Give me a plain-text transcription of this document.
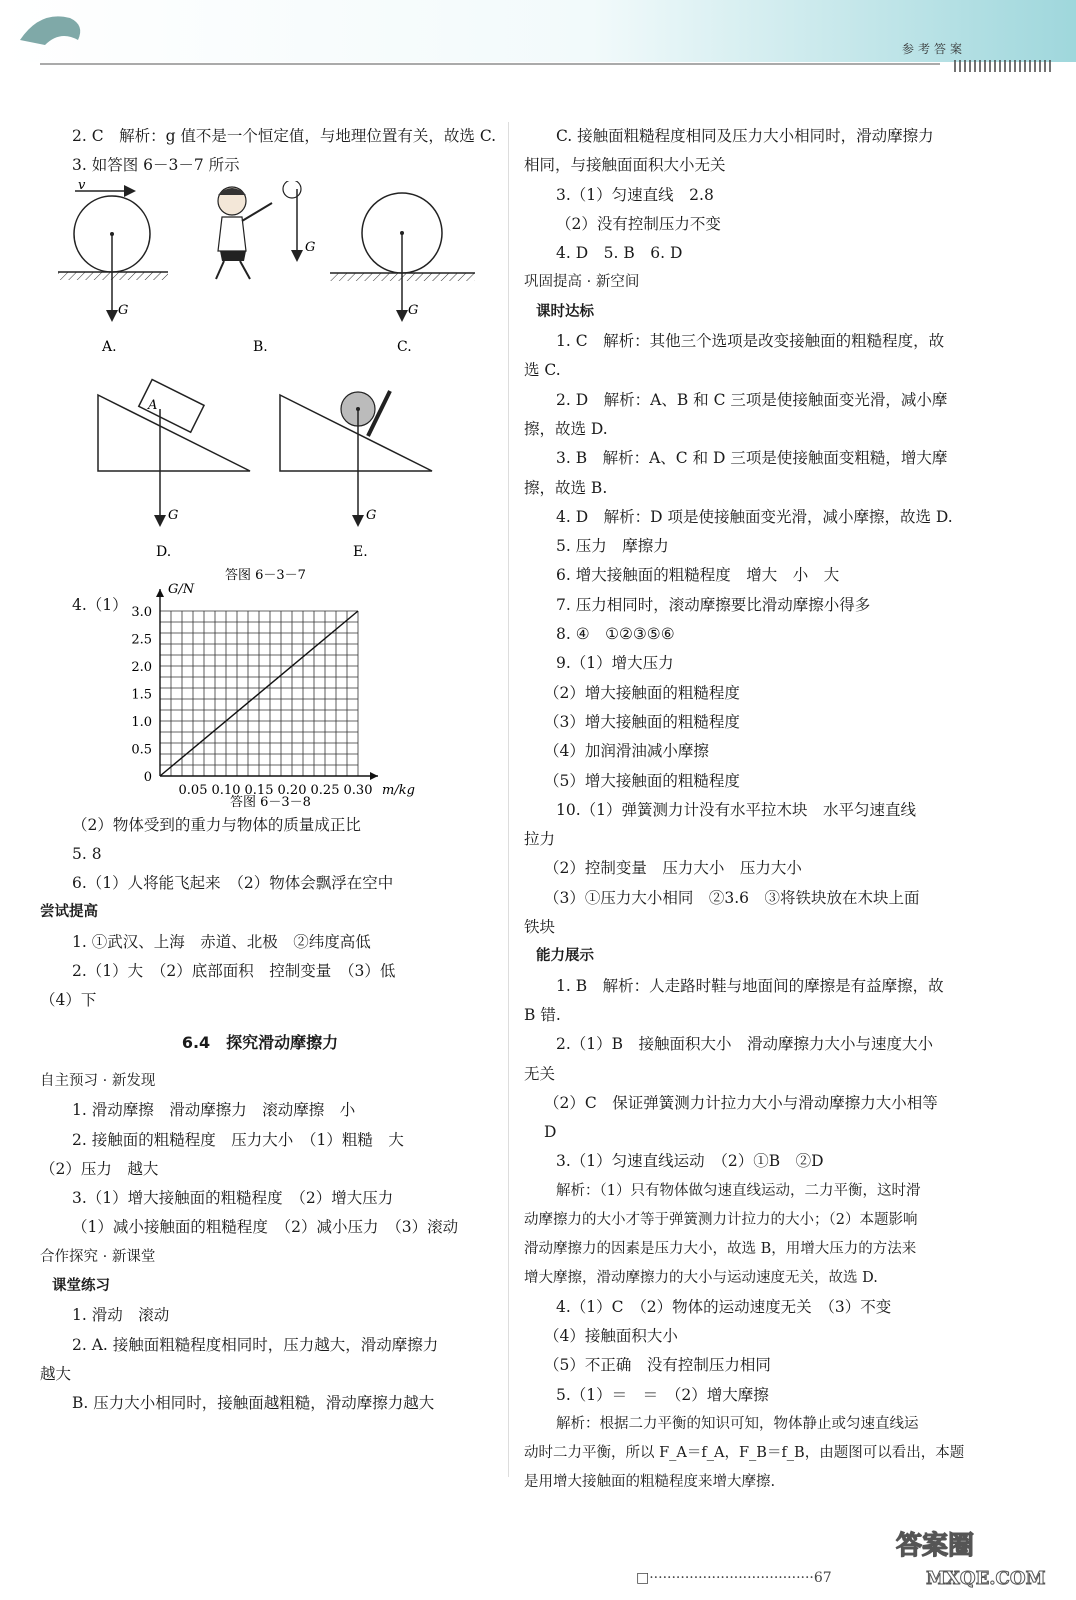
参考答案
2. C　解析：g 值不是一个恒定值，与地理位置有关，故选 C.
3. 如答图 6－3－7 所示
v
G
A.
G
B.
G
C.
A
G
D.
G
E.
答图 6－3－7
4.（1）
0.5
1.0
1.5
2.0
2.5
3.0
0.05 0.10 0.15 0.20 0.25 0.30
0
G/N
m/kg
答图 6－3－8
（2）物体受到的重力与物体的质量成正比
5. 8
6.（1）人将能飞起来　（2）物体会飘浮在空中
尝试提高
1. ①武汉、上海　赤道、北极　②纬度高低
2.（1）大　（2）底部面积　控制变量　（3）低
（4）下
6.4　探究滑动摩擦力
自主预习 · 新发现
1. 滑动摩擦　滑动摩擦力　滚动摩擦　小
2. 接触面的粗糙程度　压力大小　（1）粗糙　大
（2）压力　越大
3.（1）增大接触面的粗糙程度　（2）增大压力
（1）减小接触面的粗糙程度　（2）减小压力　（3）滚动
合作探究 · 新课堂
课堂练习
1. 滑动　滚动
2. A. 接触面粗糙程度相同时，压力越大，滑动摩擦力
越大
B. 压力大小相同时，接触面越粗糙，滑动摩擦力越大
C. 接触面粗糙程度相同及压力大小相同时，滑动摩擦力
相同，与接触面面积大小无关
3.（1）匀速直线　2.8
（2）没有控制压力不变
4. D　5. B　6. D
巩固提高 · 新空间
课时达标
1. C　解析：其他三个选项是改变接触面的粗糙程度，故
选 C.
2. D　解析：A、B 和 C 三项是使接触面变光滑，减小摩
擦，故选 D.
3. B　解析：A、C 和 D 三项是使接触面变粗糙，增大摩
擦，故选 B.
4. D　解析：D 项是使接触面变光滑，减小摩擦，故选 D.
5. 压力　摩擦力
6. 增大接触面的粗糙程度　增大　小　大
7. 压力相同时，滚动摩擦要比滑动摩擦小得多
8. ④　①②③⑤⑥
9.（1）增大压力
（2）增大接触面的粗糙程度
（3）增大接触面的粗糙程度
（4）加润滑油减小摩擦
（5）增大接触面的粗糙程度
10.（1）弹簧测力计没有水平拉木块　水平匀速直线
拉力
（2）控制变量　压力大小　压力大小
（3）①压力大小相同　②3.6　③将铁块放在木块上面
铁块
能力展示
1. B　解析：人走路时鞋与地面间的摩擦是有益摩擦，故
B 错.
2.（1）B　接触面积大小　滑动摩擦力大小与速度大小
无关
（2）C　保证弹簧测力计拉力大小与滑动摩擦力大小相等
D
3.（1）匀速直线运动　（2）①B　②D
解析：（1）只有物体做匀速直线运动，二力平衡，这时滑
动摩擦力的大小才等于弹簧测力计拉力的大小；（2）本题影响
滑动摩擦力的因素是压力大小，故选 B，用增大压力的方法来
增大摩擦，滑动摩擦力的大小与运动速度无关，故选 D.
4.（1）C　（2）物体的运动速度无关　（3）不变
（4）接触面积大小
（5）不正确　没有控制压力相同
5.（1）＝　＝　（2）增大摩擦
解析：根据二力平衡的知识可知，物体静止或匀速直线运
动时二力平衡，所以 F_A＝f_A，F_B＝f_B，由题图可以看出，本题
是用增大接触面的粗糙程度来增大摩擦.
□·····································67
答案圈
MXQE.COM
